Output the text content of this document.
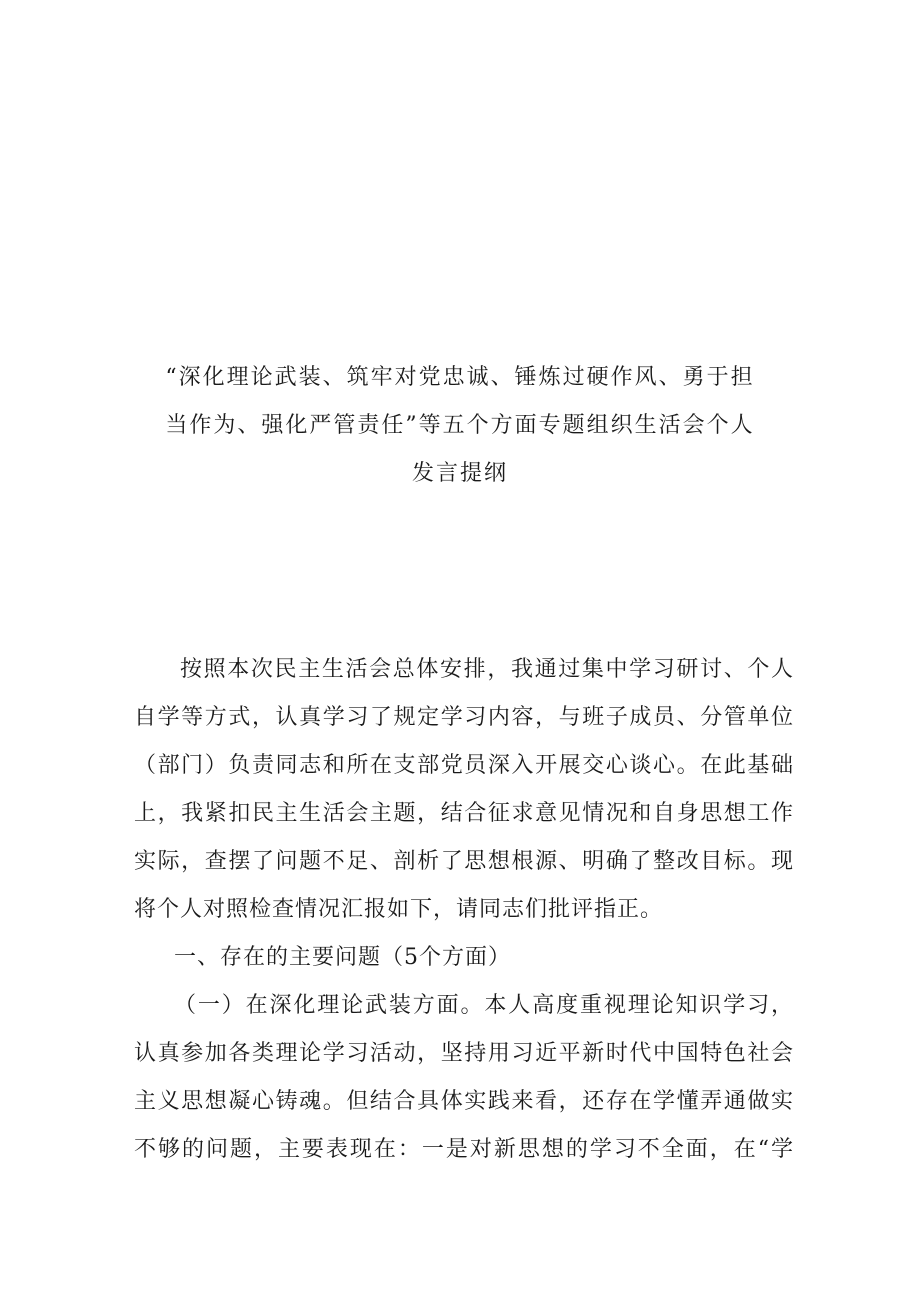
“深化理论武装、筑牢对党忠诚、锤炼过硬作风、勇于担

当作为、强化严管责任”等五个方面专题组织生活会个人

发言提纲

按照本次民主生活会总体安排，我通过集中学习研讨、个人

自学等方式，认真学习了规定学习内容，与班子成员、分管单位

（部门）负责同志和所在支部党员深入开展交心谈心。在此基础

上，我紧扣民主生活会主题，结合征求意见情况和自身思想工作

实际，查摆了问题不足、剖析了思想根源、明确了整改目标。现

将个人对照检查情况汇报如下，请同志们批评指正。

一、存在的主要问题（5个方面）

（一）在深化理论武装方面。本人高度重视理论知识学习，

认真参加各类理论学习活动，坚持用习近平新时代中国特色社会

主义思想凝心铸魂。但结合具体实践来看，还存在学懂弄通做实

不够的问题，主要表现在：一是对新思想的学习不全面，在“学
